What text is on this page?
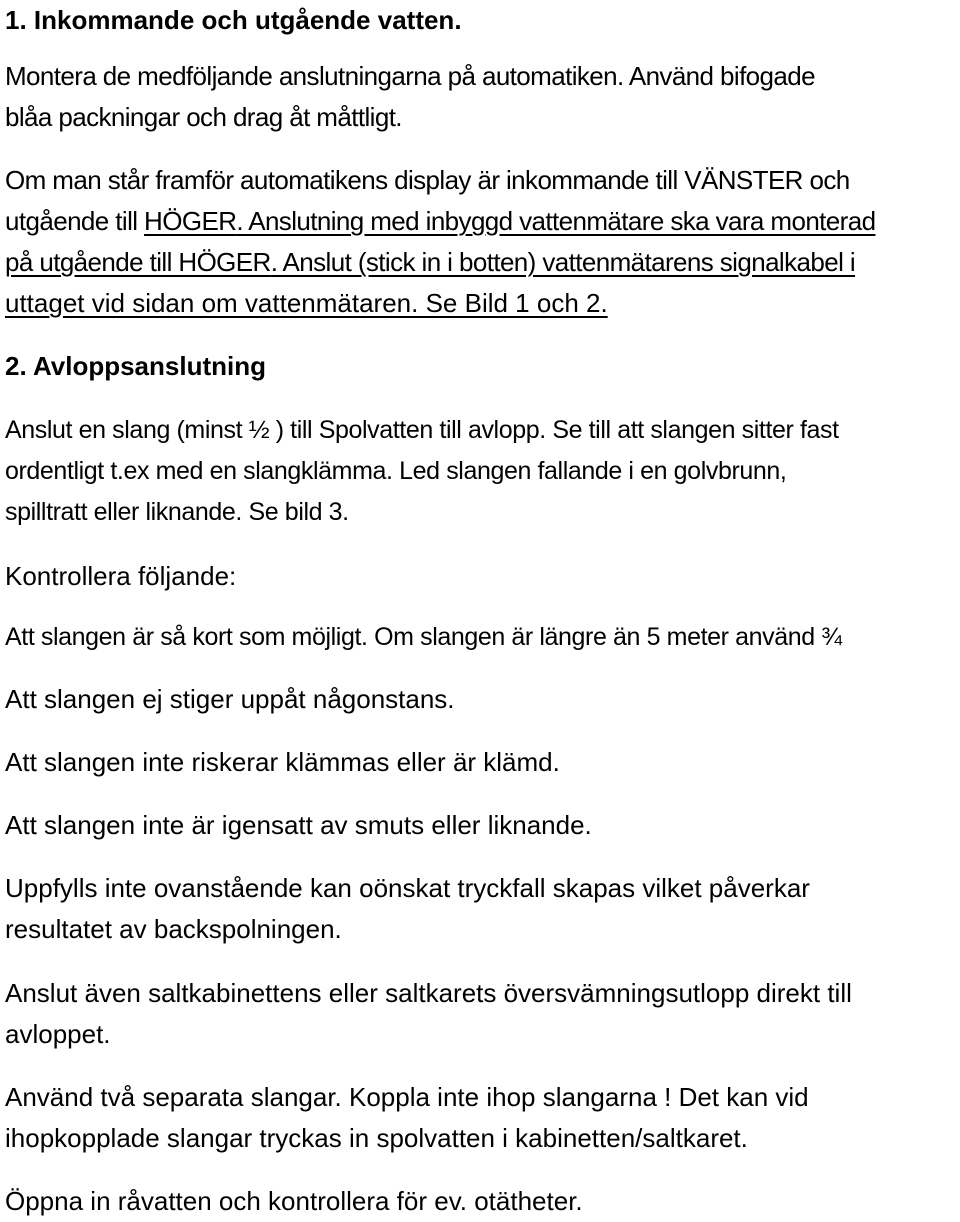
1. Inkommande och utgående vatten.
Montera de medföljande anslutningarna på automatiken. Använd bifogade
blåa packningar och drag åt måttligt.
Om man står framför automatikens display är inkommande till VÄNSTER och
utgående till HÖGER. Anslutning med inbyggd vattenmätare ska vara monterad
på utgående till HÖGER. Anslut (stick in i botten) vattenmätarens signalkabel i
uttaget vid sidan om vattenmätaren. Se Bild 1 och 2.
2. Avloppsanslutning
Anslut en slang (minst ½ ) till Spolvatten till avlopp. Se till att slangen sitter fast
ordentligt t.ex med en slangklämma. Led slangen fallande i en golvbrunn,
spilltratt eller liknande. Se bild 3.
Kontrollera följande:
Att slangen är så kort som möjligt. Om slangen är längre än 5 meter använd ¾
Att slangen ej stiger uppåt någonstans.
Att slangen inte riskerar klämmas eller är klämd.
Att slangen inte är igensatt av smuts eller liknande.
Uppfylls inte ovanstående kan oönskat tryckfall skapas vilket påverkar
resultatet av backspolningen.
Anslut även saltkabinettens eller saltkarets översvämningsutlopp direkt till
avloppet.
Använd två separata slangar. Koppla inte ihop slangarna ! Det kan vid
ihopkopplade slangar tryckas in spolvatten i kabinetten/saltkaret.
Öppna in råvatten och kontrollera för ev. otätheter.
